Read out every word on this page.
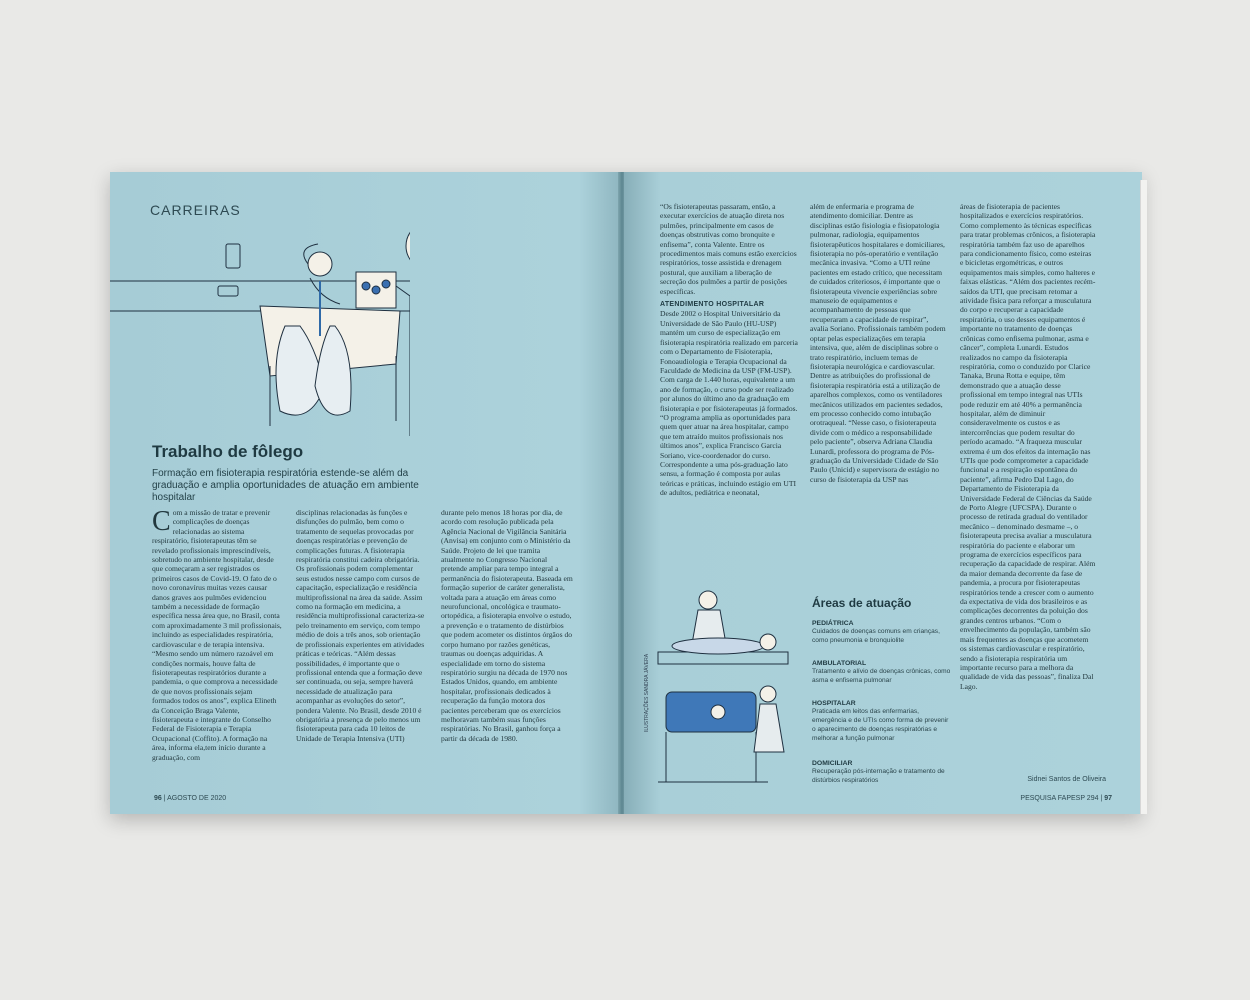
CARREIRAS
Trabalho de fôlego
Formação em fisioterapia respiratória estende-se além da graduação e amplia oportunidades de atuação em ambiente hospitalar
C om a missão de tratar e prevenir complicações de doenças relacionadas ao sistema respiratório, fisioterapeutas têm se revelado profissionais imprescindíveis, sobretudo no ambiente hospitalar, desde que começaram a ser registrados os primeiros casos de Covid-19. O fato de o novo coronavírus muitas vezes causar danos graves aos pulmões evidenciou também a necessidade de formação específica nessa área que, no Brasil, conta com aproximadamente 3 mil profissionais, incluindo as especialidades respiratória, cardiovascular e de terapia intensiva. “Mesmo sendo um número razoável em condições normais, houve falta de fisioterapeutas respiratórios durante a pandemia, o que comprova a necessidade de que novos profissionais sejam formados todos os anos”, explica Elineth da Conceição Braga Valente, fisioterapeuta e integrante do Conselho Federal de Fisioterapia e Terapia Ocupacional (Coffito). A formação na área, informa ela,tem início durante a graduação, com
disciplinas relacionadas às funções e disfunções do pulmão, bem como o tratamento de sequelas provocadas por doenças respiratórias e prevenção de complicações futuras. A fisioterapia respiratória constitui cadeira obrigatória. Os profissionais podem complementar seus estudos nesse campo com cursos de capacitação, especialização e residência multiprofissional na área da saúde. Assim como na formação em medicina, a residência multiprofissional caracteriza-se pelo treinamento em serviço, com tempo médio de dois a três anos, sob orientação de profissionais experientes em atividades práticas e teóricas. “Além dessas possibilidades, é importante que o profissional entenda que a formação deve ser continuada, ou seja, sempre haverá necessidade de atualização para acompanhar as evoluções do setor”, pondera Valente. No Brasil, desde 2010 é obrigatória a presença de pelo menos um fisioterapeuta para cada 10 leitos de Unidade de Terapia Intensiva (UTI)
durante pelo menos 18 horas por dia, de acordo com resolução publicada pela Agência Nacional de Vigilância Sanitária (Anvisa) em conjunto com o Ministério da Saúde. Projeto de lei que tramita atualmente no Congresso Nacional pretende ampliar para tempo integral a permanência do fisioterapeuta. Baseada em formação superior de caráter generalista, voltada para a atuação em áreas como neurofuncional, oncológica e traumato-ortopédica, a fisioterapia envolve o estudo, a prevenção e o tratamento de distúrbios que podem acometer os distintos órgãos do corpo humano por razões genéticas, traumas ou doenças adquiridas. A especialidade em torno do sistema respiratório surgiu na década de 1970 nos Estados Unidos, quando, em ambiente hospitalar, profissionais dedicados à recuperação da função motora dos pacientes perceberam que os exercícios melhoravam também suas funções respiratórias. No Brasil, ganhou força a partir da década de 1980.
96 | AGOSTO DE 2020

“Os fisioterapeutas passaram, então, a executar exercícios de atuação direta nos pulmões, principalmente em casos de doenças obstrutivas como bronquite e enfisema”, conta Valente. Entre os procedimentos mais comuns estão exercícios respiratórios, tosse assistida e drenagem postural, que auxiliam a liberação de secreção dos pulmões a partir de posições específicas.

ATENDIMENTO HOSPITALAR

Desde 2002 o Hospital Universitário da Universidade de São Paulo (HU-USP) mantém um curso de especialização em fisioterapia respiratória realizado em parceria com o Departamento de Fisioterapia, Fonoaudiologia e Terapia Ocupacional da Faculdade de Medicina da USP (FM-USP). Com carga de 1.440 horas, equivalente a um ano de formação, o curso pode ser realizado por alunos do último ano da graduação em fisioterapia e por fisioterapeutas já formados. “O programa amplia as oportunidades para quem quer atuar na área hospitalar, campo que tem atraído muitos profissionais nos últimos anos”, explica Francisco Garcia Soriano, vice-coordenador do curso. Correspondente a uma pós-graduação lato sensu, a formação é composta por aulas teóricas e práticas, incluindo estágio em UTI de adultos, pediátrica e neonatal,

além de enfermaria e programa de atendimento domiciliar. Dentre as disciplinas estão fisiologia e fisiopatologia pulmonar, radiologia, equipamentos fisioterapêuticos hospitalares e domiciliares, fisioterapia no pós-operatório e ventilação mecânica invasiva. “Como a UTI reúne pacientes em estado crítico, que necessitam de cuidados criteriosos, é importante que o fisioterapeuta vivencie experiências sobre manuseio de equipamentos e acompanhamento de pessoas que recuperaram a capacidade de respirar”, avalia Soriano. Profissionais também podem optar pelas especializações em terapia intensiva, que, além de disciplinas sobre o trato respiratório, incluem temas de fisioterapia neurológica e cardiovascular. Dentre as atribuições do profissional de fisioterapia respiratória está a utilização de aparelhos complexos, como os ventiladores mecânicos utilizados em pacientes sedados, em processo conhecido como intubação orotraqueal. “Nesse caso, o fisioterapeuta divide com o médico a responsabilidade pelo paciente”, observa Adriana Claudia Lunardi, professora do programa de Pós-graduação da Universidade Cidade de São Paulo (Unicid) e supervisora de estágio no curso de fisioterapia da USP nas
áreas de fisioterapia de pacientes hospitalizados e exercícios respiratórios. Como complemento às técnicas específicas para tratar problemas crônicos, a fisioterapia respiratória também faz uso de aparelhos para condicionamento físico, como esteiras e bicicletas ergométricas, e outros equipamentos mais simples, como halteres e faixas elásticas. “Além dos pacientes recém-saídos da UTI, que precisam retomar a atividade física para reforçar a musculatura do corpo e recuperar a capacidade respiratória, o uso desses equipamentos é importante no tratamento de doenças crônicas como enfisema pulmonar, asma e câncer”, completa Lunardi. Estudos realizados no campo da fisioterapia respiratória, como o conduzido por Clarice Tanaka, Bruna Rotta e equipe, têm demonstrado que a atuação desse profissional em tempo integral nas UTIs pode reduzir em até 40% a permanência hospitalar, além de diminuir consideravelmente os custos e as intercorrências que podem resultar do período acamado. “A fraqueza muscular extrema é um dos efeitos da internação nas UTIs que pode comprometer a capacidade funcional e a respiração espontânea do paciente”, afirma Pedro Dal Lago, do Departamento de Fisioterapia da Universidade Federal de Ciências da Saúde de Porto Alegre (UFCSPA). Durante o processo de retirada gradual do ventilador mecânico – denominado desmame –, o fisioterapeuta precisa avaliar a musculatura respiratória do paciente e elaborar um programa de exercícios específicos para recuperação da capacidade de respirar. Além da maior demanda decorrente da fase de pandemia, a procura por fisioterapeutas respiratórios tende a crescer com o aumento da expectativa de vida dos brasileiros e as complicações decorrentes da poluição dos grandes centros urbanos. “Com o envelhecimento da população, também são mais frequentes as doenças que acometem os sistemas cardiovascular e respiratório, sendo a fisioterapia respiratória um importante recurso para a melhora da qualidade de vida das pessoas”, finaliza Dal Lago.
ILUSTRAÇÕES SANDRA JÁVERA
Áreas de atuação
PEDIÁTRICA
Cuidados de doenças comuns em crianças, como pneumonia e bronquiolite
AMBULATORIAL
Tratamento e alívio de doenças crônicas, como asma e enfisema pulmonar
HOSPITALAR
Praticada em leitos das enfermarias, emergência e de UTIs como forma de prevenir o aparecimento de doenças respiratórias e melhorar a função pulmonar
DOMICILIAR
Recuperação pós-internação e tratamento de distúrbios respiratórios	Sidnei Santos de Oliveira
PESQUISA FAPESP 294 | 97
